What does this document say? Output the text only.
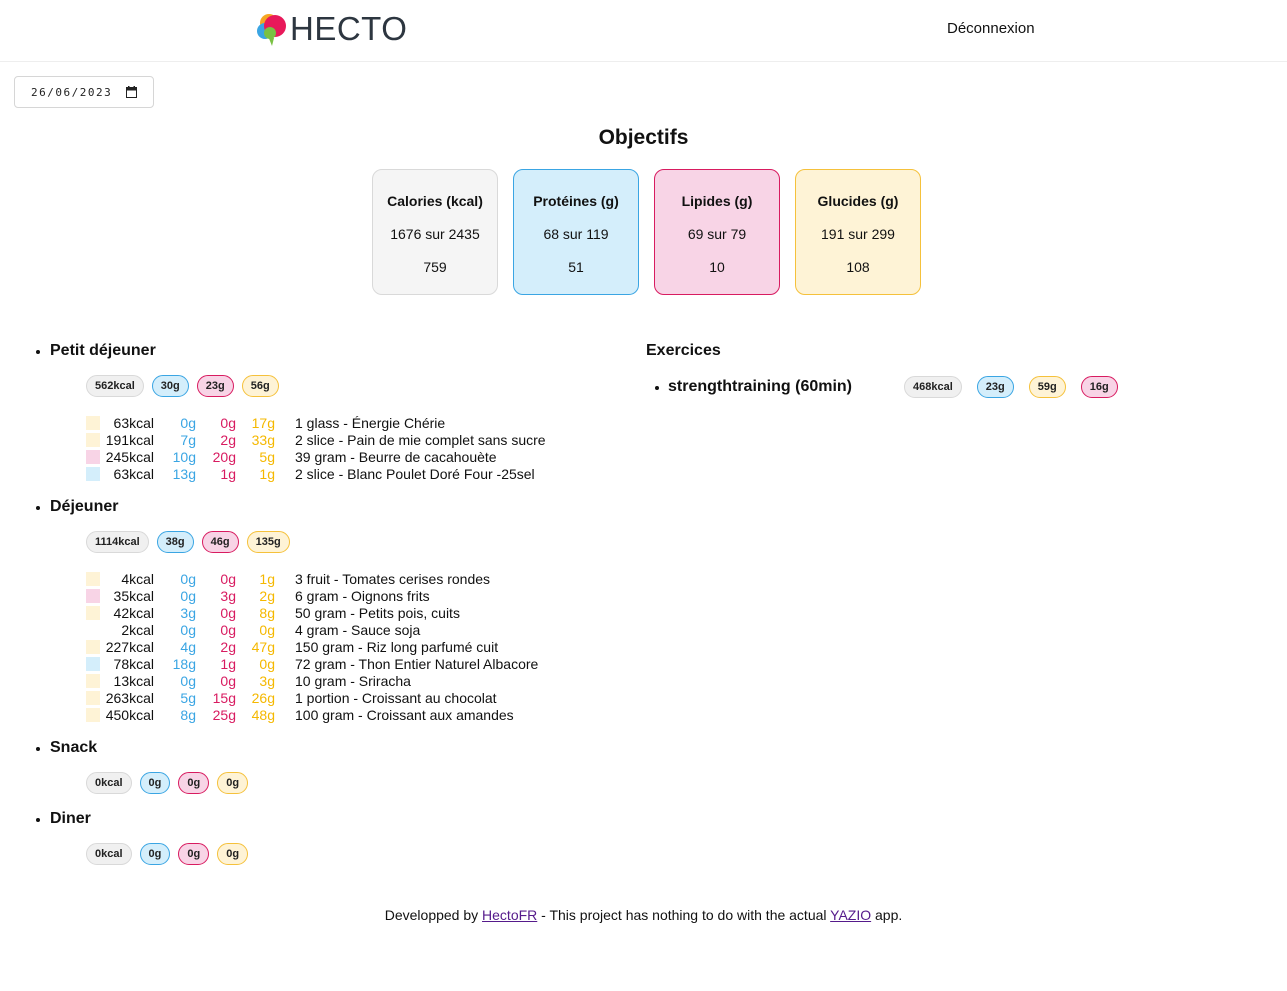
HECTO	Déconnexion
26/06/2023
Objectifs
Calories (kcal)
1676 sur 2435
759
Protéines (g)
68 sur 119
51
Lipides (g)
69 sur 79
10
Glucides (g)
191 sur 299
108
Petit déjeuner
562kcal	30g	23g	56g
63kcal	0g	0g	17g 1 glass - Énergie Chérie
191kcal	7g	2g	33g 2 slice - Pain de mie complet sans sucre
245kcal	10g	20g	5g 39 gram - Beurre de cacahouète
63kcal	13g	1g	1g 2 slice - Blanc Poulet Doré Four -25sel
Déjeuner
1114kcal	38g	46g	135g
4kcal	0g	0g	1g 3 fruit - Tomates cerises rondes
35kcal	0g	3g	2g 6 gram - Oignons frits
42kcal	3g	0g	8g 50 gram - Petits pois, cuits
2kcal	0g	0g	0g 4 gram - Sauce soja
227kcal	4g	2g	47g 150 gram - Riz long parfumé cuit
78kcal	18g	1g	0g 72 gram - Thon Entier Naturel Albacore
13kcal	0g	0g	3g 10 gram - Sriracha
263kcal	5g	15g	26g 1 portion - Croissant au chocolat
450kcal	8g	25g	48g 100 gram - Croissant aux amandes
Snack
0kcal	0g	0g	0g
Diner
0kcal	0g	0g	0g
Exercices
strengthtraining (60min)	468kcal	23g	59g	16g
Developped by HectoFR - This project has nothing to do with the actual YAZIO app.
